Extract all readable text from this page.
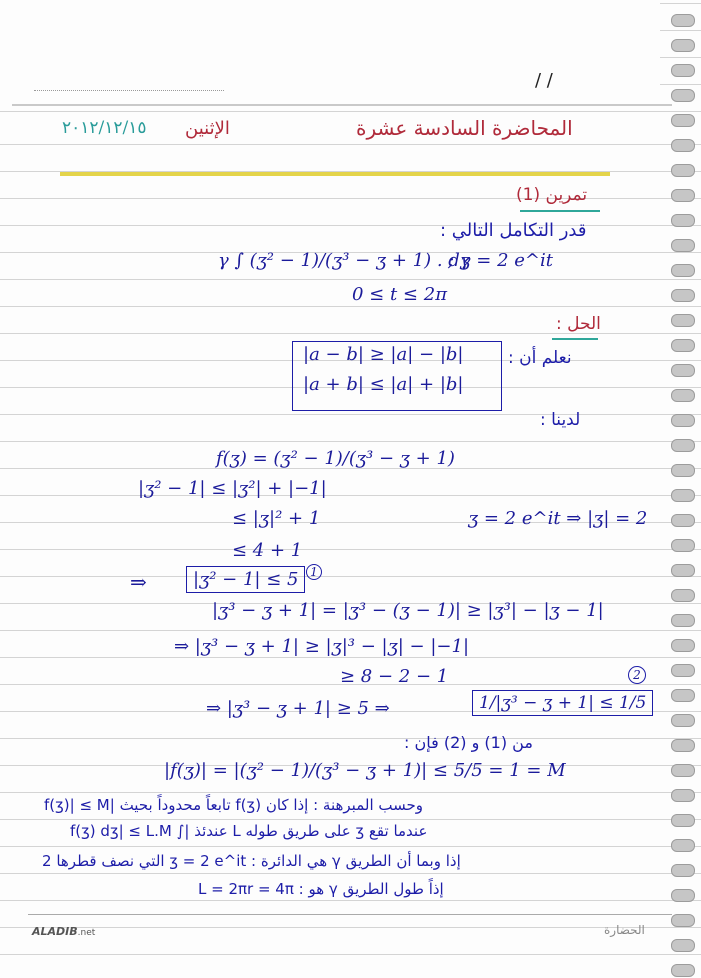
/ /
٢٠١٢/١٢/١٥ الإثنين	المحاضرة السادسة عشرة
تمرين (1)
قدر التكامل التالي :
γ ∫ (ʒ² − 1)/(ʒ³ − ʒ + 1) . dʒ
; γ = 2 e^it
0 ≤ t ≤ 2π
الحل :
نعلم أن :
|a − b| ≥ |a| − |b|
|a + b| ≤ |a| + |b|
لدينا :
f(ʒ) = (ʒ² − 1)/(ʒ³ − ʒ + 1)
|ʒ² − 1| ≤ |ʒ²| + |−1|
≤ |ʒ|² + 1	ʒ = 2 e^it ⇒ |ʒ| = 2
≤ 4 + 1
⇒	|ʒ² − 1| ≤ 5 1
|ʒ³ − ʒ + 1| = |ʒ³ − (ʒ − 1)| ≥ |ʒ³| − |ʒ − 1|
⇒ |ʒ³ − ʒ + 1| ≥ |ʒ|³ − |ʒ| − |−1|
≥ 8 − 2 − 1	2
⇒ |ʒ³ − ʒ + 1| ≥ 5 ⇒	1/|ʒ³ − ʒ + 1| ≤ 1/5
من (1) و (2) فإن :
|f(ʒ)| = |(ʒ² − 1)/(ʒ³ − ʒ + 1)| ≤ 5/5 = 1 = M
وحسب المبرهنة : إذا كان f(ʒ) تابعاً محدوداً بحيث |f(ʒ)| ≤ M
عندما تقع ʒ على طريق طوله L عندئذ |∫ f(ʒ) dʒ| ≤ L.M
إذا وبما أن الطريق γ هي الدائرة : ʒ = 2 e^it التي نصف قطرها 2
إذاً طول الطريق γ هو : L = 2πr = 4π
ALADIB.net	الحضارة
